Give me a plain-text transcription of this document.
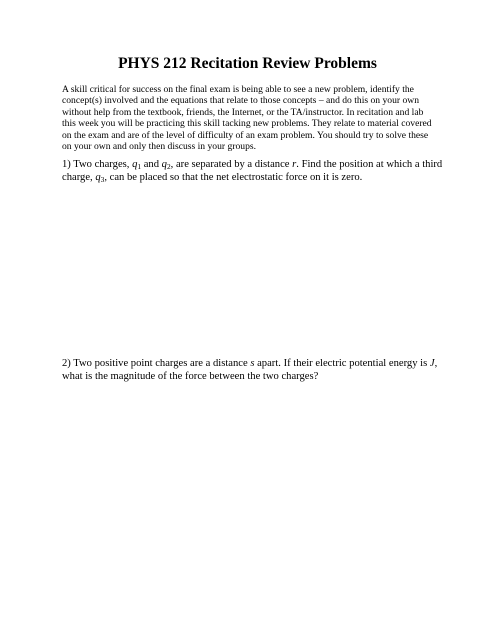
PHYS 212 Recitation Review Problems
A skill critical for success on the final exam is being able to see a new problem, identify the
concept(s) involved and the equations that relate to those concepts – and do this on your own
without help from the textbook, friends, the Internet, or the TA/instructor. In recitation and lab
this week you will be practicing this skill tacking new problems. They relate to material covered
on the exam and are of the level of difficulty of an exam problem. You should try to solve these
on your own and only then discuss in your groups.
1) Two charges, $q_1$ and $q_2$, are separated by a distance r. Find the position at which a third
charge, $q_3$, can be placed so that the net electrostatic force on it is zero.
2) Two positive point charges are a distance s apart. If their electric potential energy is J,
what is the magnitude of the force between the two charges?
